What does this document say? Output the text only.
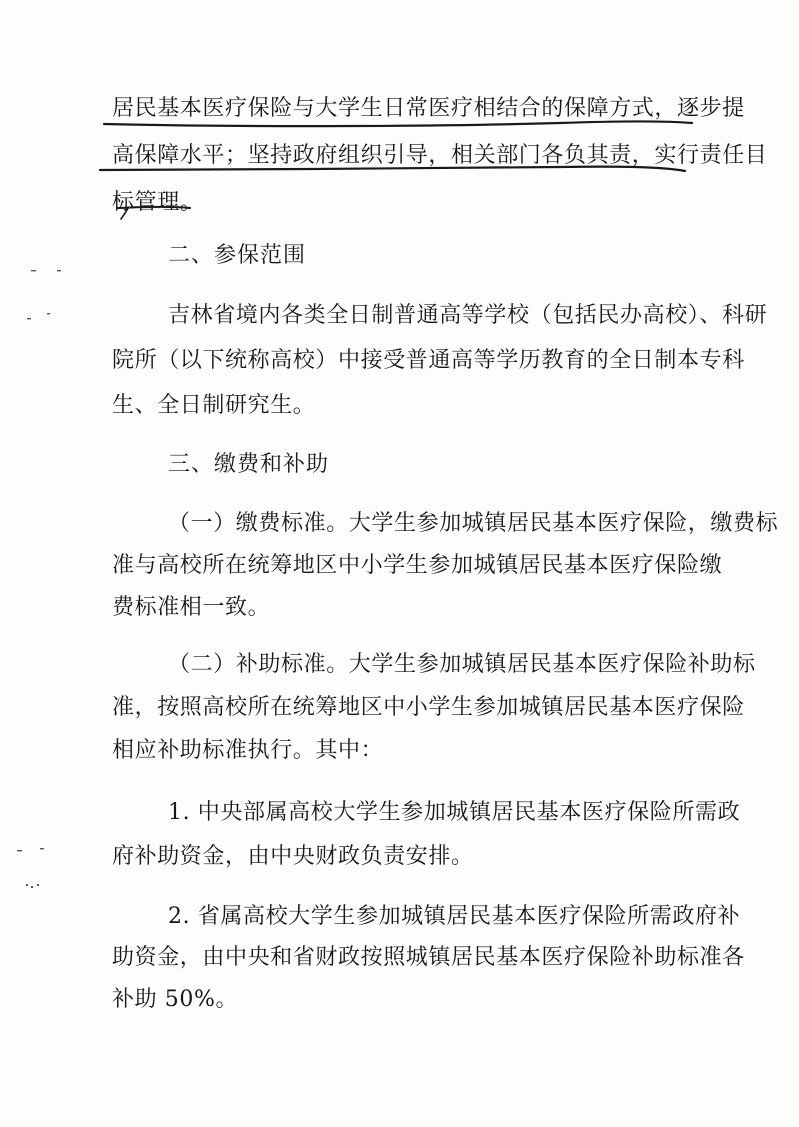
居民基本医疗保险与大学生日常医疗相结合的保障方式，逐步提
高保障水平；坚持政府组织引导，相关部门各负其责，实行责任目
标管理。
二、参保范围
吉林省境内各类全日制普通高等学校（包括民办高校）、科研
院所（以下统称高校）中接受普通高等学历教育的全日制本专科
生、全日制研究生。
三、缴费和补助
（一）缴费标准。大学生参加城镇居民基本医疗保险，缴费标
准与高校所在统筹地区中小学生参加城镇居民基本医疗保险缴
费标准相一致。
（二）补助标准。大学生参加城镇居民基本医疗保险补助标
准，按照高校所在统筹地区中小学生参加城镇居民基本医疗保险
相应补助标准执行。其中：
1. 中央部属高校大学生参加城镇居民基本医疗保险所需政
府补助资金，由中央财政负责安排。
2. 省属高校大学生参加城镇居民基本医疗保险所需政府补
助资金，由中央和省财政按照城镇居民基本医疗保险补助标准各
补助 50%。
